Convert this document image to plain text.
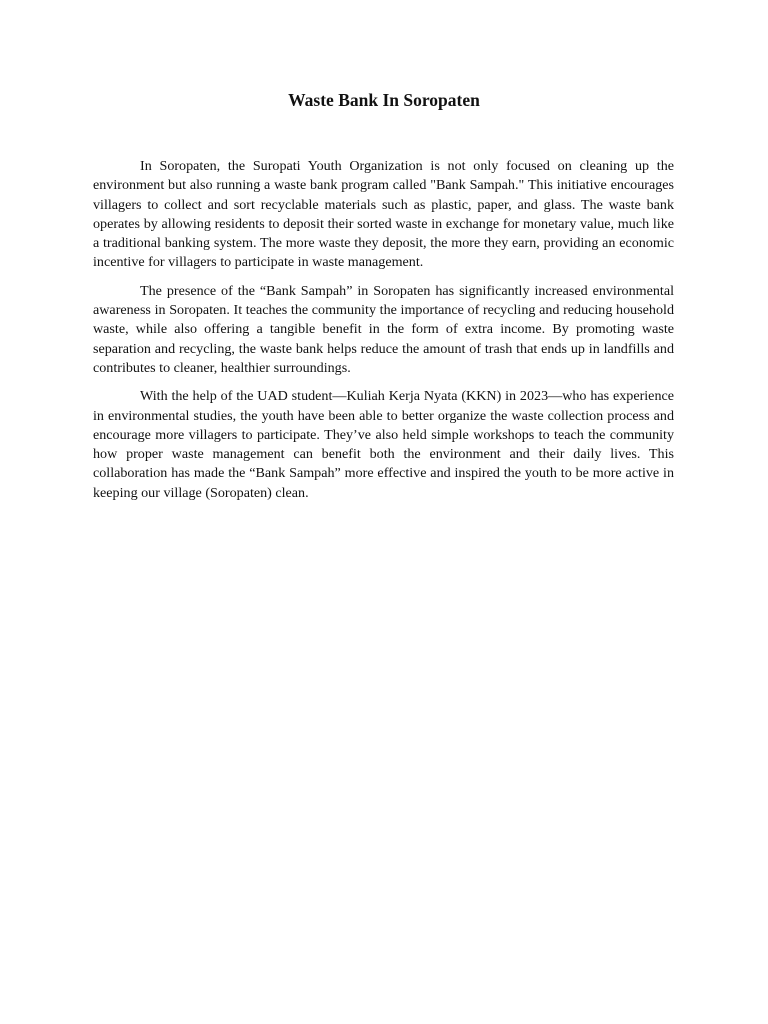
Waste Bank In Soropaten

In Soropaten, the Suropati Youth Organization is not only focused on cleaning up the environment but also running a waste bank program called "Bank Sampah." This initiative encourages villagers to collect and sort recyclable materials such as plastic, paper, and glass. The waste bank operates by allowing residents to deposit their sorted waste in exchange for monetary value, much like a traditional banking system. The more waste they deposit, the more they earn, providing an economic incentive for villagers to participate in waste management.

The presence of the “Bank Sampah” in Soropaten has significantly increased environmental awareness in Soropaten. It teaches the community the importance of recycling and reducing household waste, while also offering a tangible benefit in the form of extra income. By promoting waste separation and recycling, the waste bank helps reduce the amount of trash that ends up in landfills and contributes to cleaner, healthier surroundings.

With the help of the UAD student—Kuliah Kerja Nyata (KKN) in 2023—who has experience in environmental studies, the youth have been able to better organize the waste collection process and encourage more villagers to participate. They’ve also held simple workshops to teach the community how proper waste management can benefit both the environment and their daily lives. This collaboration has made the “Bank Sampah” more effective and inspired the youth to be more active in keeping our village (Soropaten) clean.
